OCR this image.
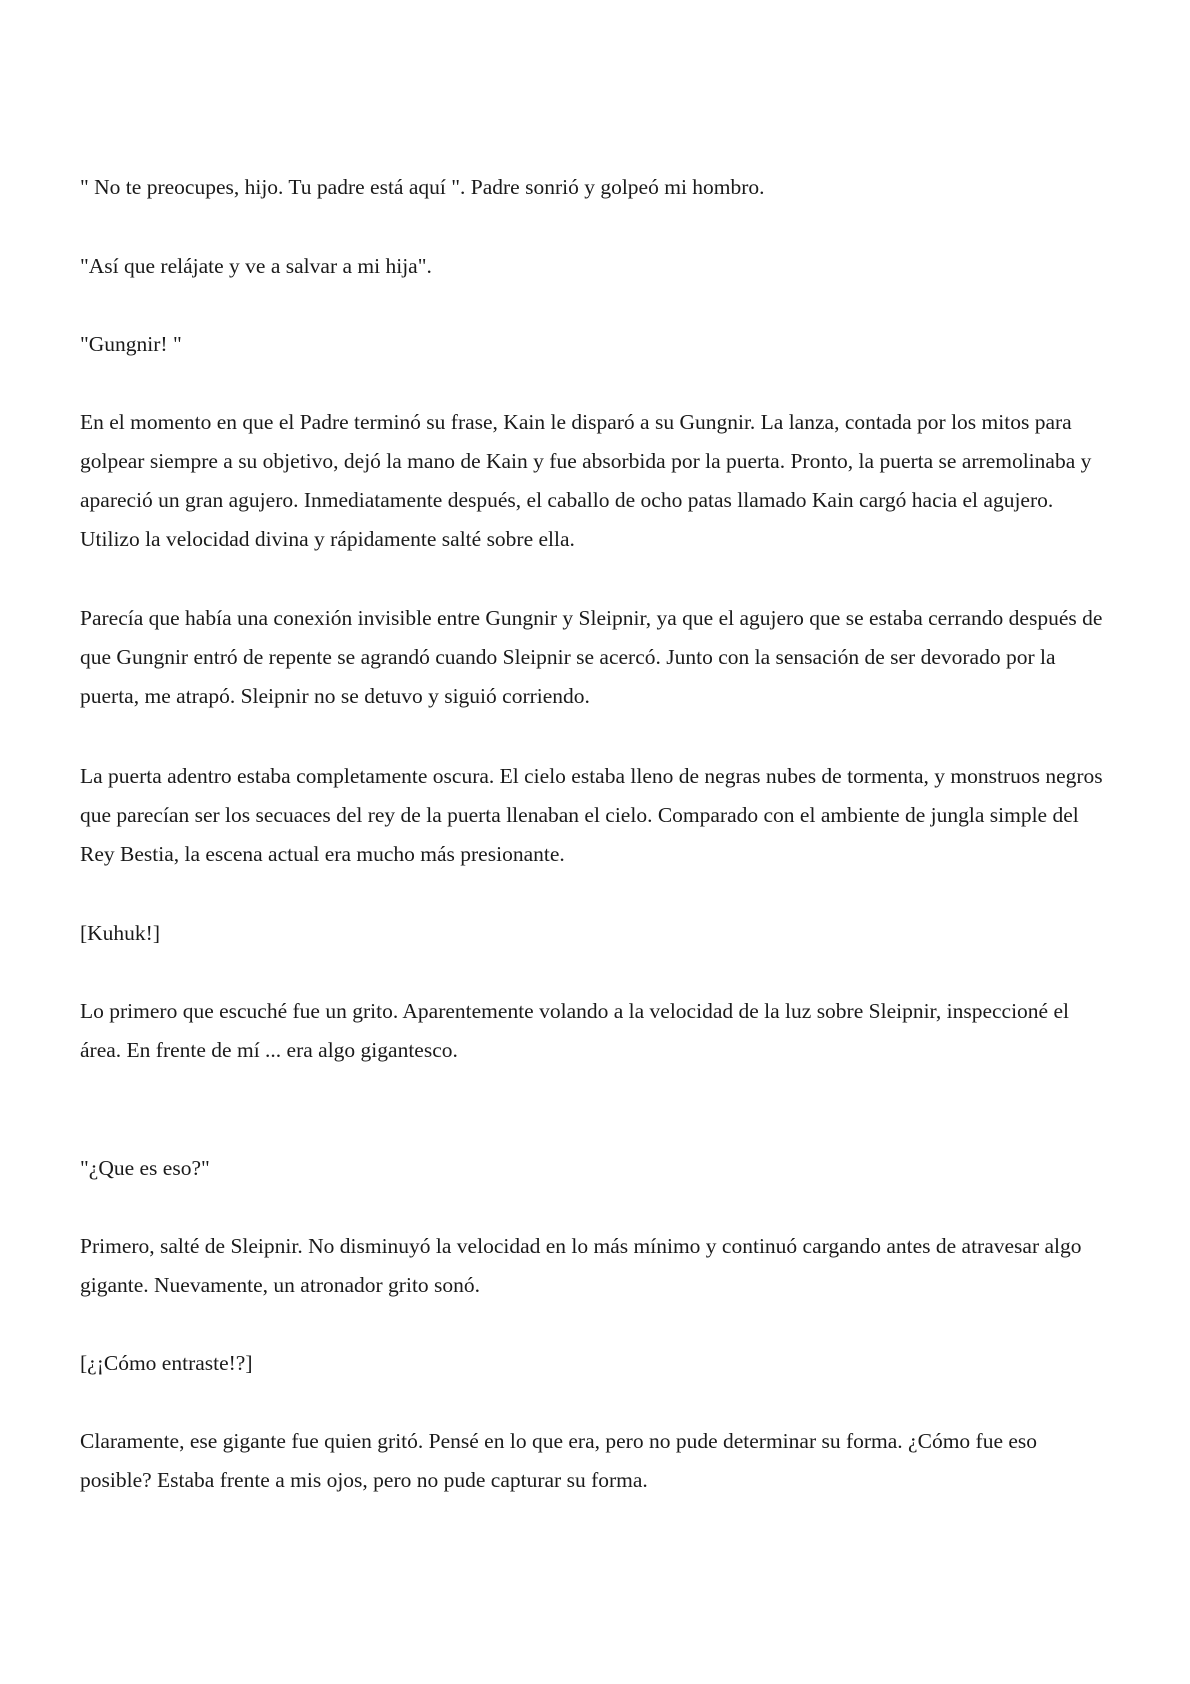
" No te preocupes, hijo. Tu padre está aquí ". Padre sonrió y golpeó mi hombro.

"Así que relájate y ve a salvar a mi hija".

"Gungnir! "

En el momento en que el Padre terminó su frase, Kain le disparó a su Gungnir. La lanza, contada por los mitos para golpear siempre a su objetivo, dejó la mano de Kain y fue absorbida por la puerta. Pronto, la puerta se arremolinaba y apareció un gran agujero. Inmediatamente después, el caballo de ocho patas llamado Kain cargó hacia el agujero. Utilizo la velocidad divina y rápidamente salté sobre ella.

Parecía que había una conexión invisible entre Gungnir y Sleipnir, ya que el agujero que se estaba cerrando después de que Gungnir entró de repente se agrandó cuando Sleipnir se acercó. Junto con la sensación de ser devorado por la puerta, me atrapó. Sleipnir no se detuvo y siguió corriendo.

La puerta adentro estaba completamente oscura. El cielo estaba lleno de negras nubes de tormenta, y monstruos negros que parecían ser los secuaces del rey de la puerta llenaban el cielo. Comparado con el ambiente de jungla simple del Rey Bestia, la escena actual era mucho más presionante.

[Kuhuk!]

Lo primero que escuché fue un grito. Aparentemente volando a la velocidad de la luz sobre Sleipnir, inspeccioné el área. En frente de mí ... era algo gigantesco.

"¿Que es eso?"

Primero, salté de Sleipnir. No disminuyó la velocidad en lo más mínimo y continuó cargando antes de atravesar algo gigante. Nuevamente, un atronador grito sonó.

[¿¡Cómo entraste!?]

Claramente, ese gigante fue quien gritó. Pensé en lo que era, pero no pude determinar su forma. ¿Cómo fue eso posible? Estaba frente a mis ojos, pero no pude capturar su forma.
